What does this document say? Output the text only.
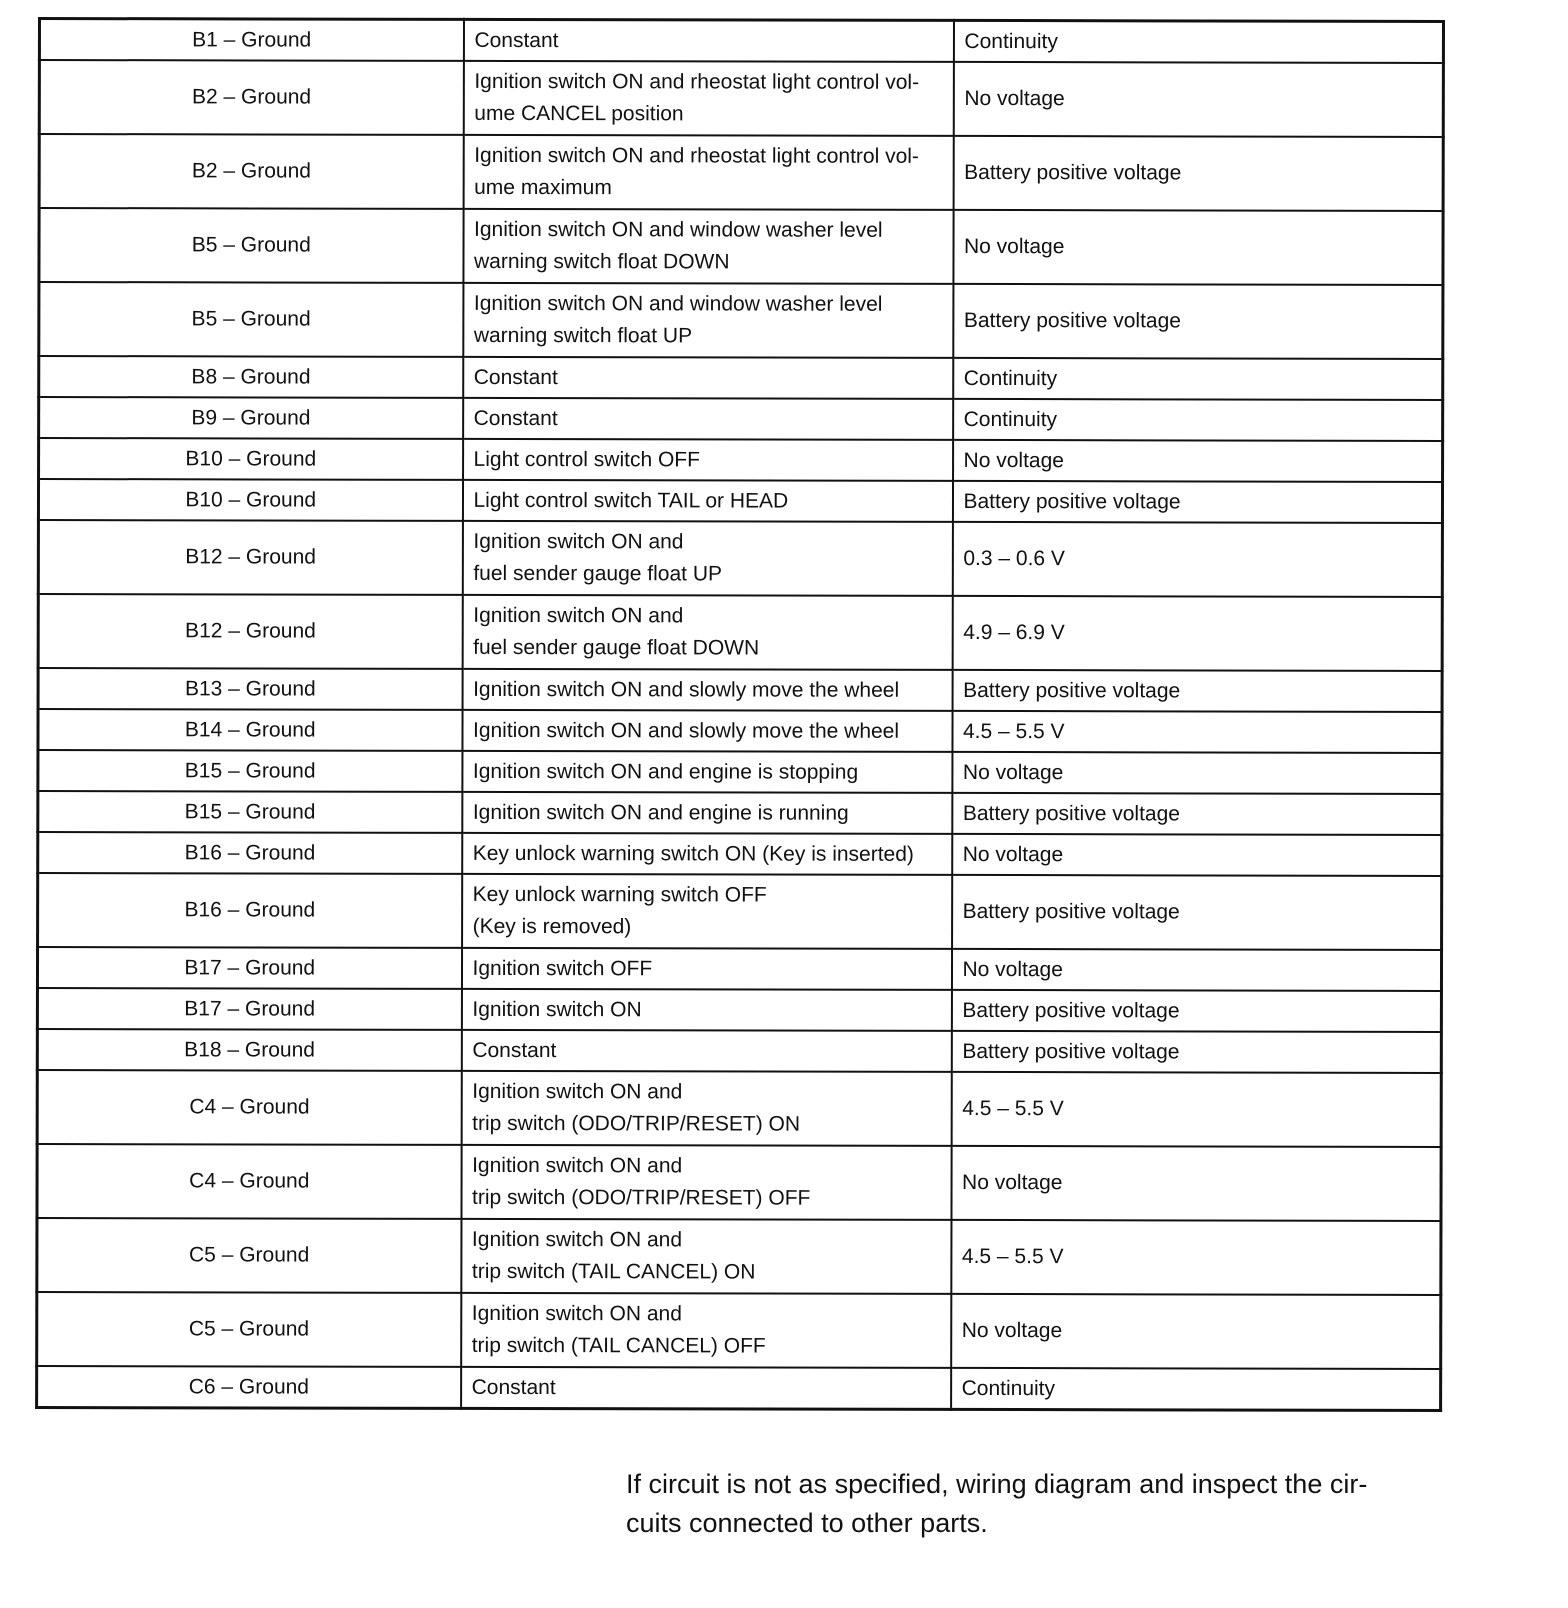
B1 – Ground	Constant	Continuity
B2 – Ground	Ignition switch ON and rheostat light control vol-
ume CANCEL position	No voltage
B2 – Ground	Ignition switch ON and rheostat light control vol-
ume maximum	Battery positive voltage
B5 – Ground	Ignition switch ON and window washer level
warning switch float DOWN	No voltage
B5 – Ground	Ignition switch ON and window washer level
warning switch float UP	Battery positive voltage
B8 – Ground	Constant	Continuity
B9 – Ground	Constant	Continuity
B10 – Ground	Light control switch OFF	No voltage
B10 – Ground	Light control switch TAIL or HEAD	Battery positive voltage
B12 – Ground	Ignition switch ON and
fuel sender gauge float UP	0.3 – 0.6 V
B12 – Ground	Ignition switch ON and
fuel sender gauge float DOWN	4.9 – 6.9 V
B13 – Ground	Ignition switch ON and slowly move the wheel	Battery positive voltage
B14 – Ground	Ignition switch ON and slowly move the wheel	4.5 – 5.5 V
B15 – Ground	Ignition switch ON and engine is stopping	No voltage
B15 – Ground	Ignition switch ON and engine is running	Battery positive voltage
B16 – Ground	Key unlock warning switch ON (Key is inserted)	No voltage
B16 – Ground	Key unlock warning switch OFF
(Key is removed)	Battery positive voltage
B17 – Ground	Ignition switch OFF	No voltage
B17 – Ground	Ignition switch ON	Battery positive voltage
B18 – Ground	Constant	Battery positive voltage
C4 – Ground	Ignition switch ON and
trip switch (ODO/TRIP/RESET) ON	4.5 – 5.5 V
C4 – Ground	Ignition switch ON and
trip switch (ODO/TRIP/RESET) OFF	No voltage
C5 – Ground	Ignition switch ON and
trip switch (TAIL CANCEL) ON	4.5 – 5.5 V
C5 – Ground	Ignition switch ON and
trip switch (TAIL CANCEL) OFF	No voltage
C6 – Ground	Constant	Continuity
If circuit is not as specified, wiring diagram and inspect the cir-
cuits connected to other parts.
